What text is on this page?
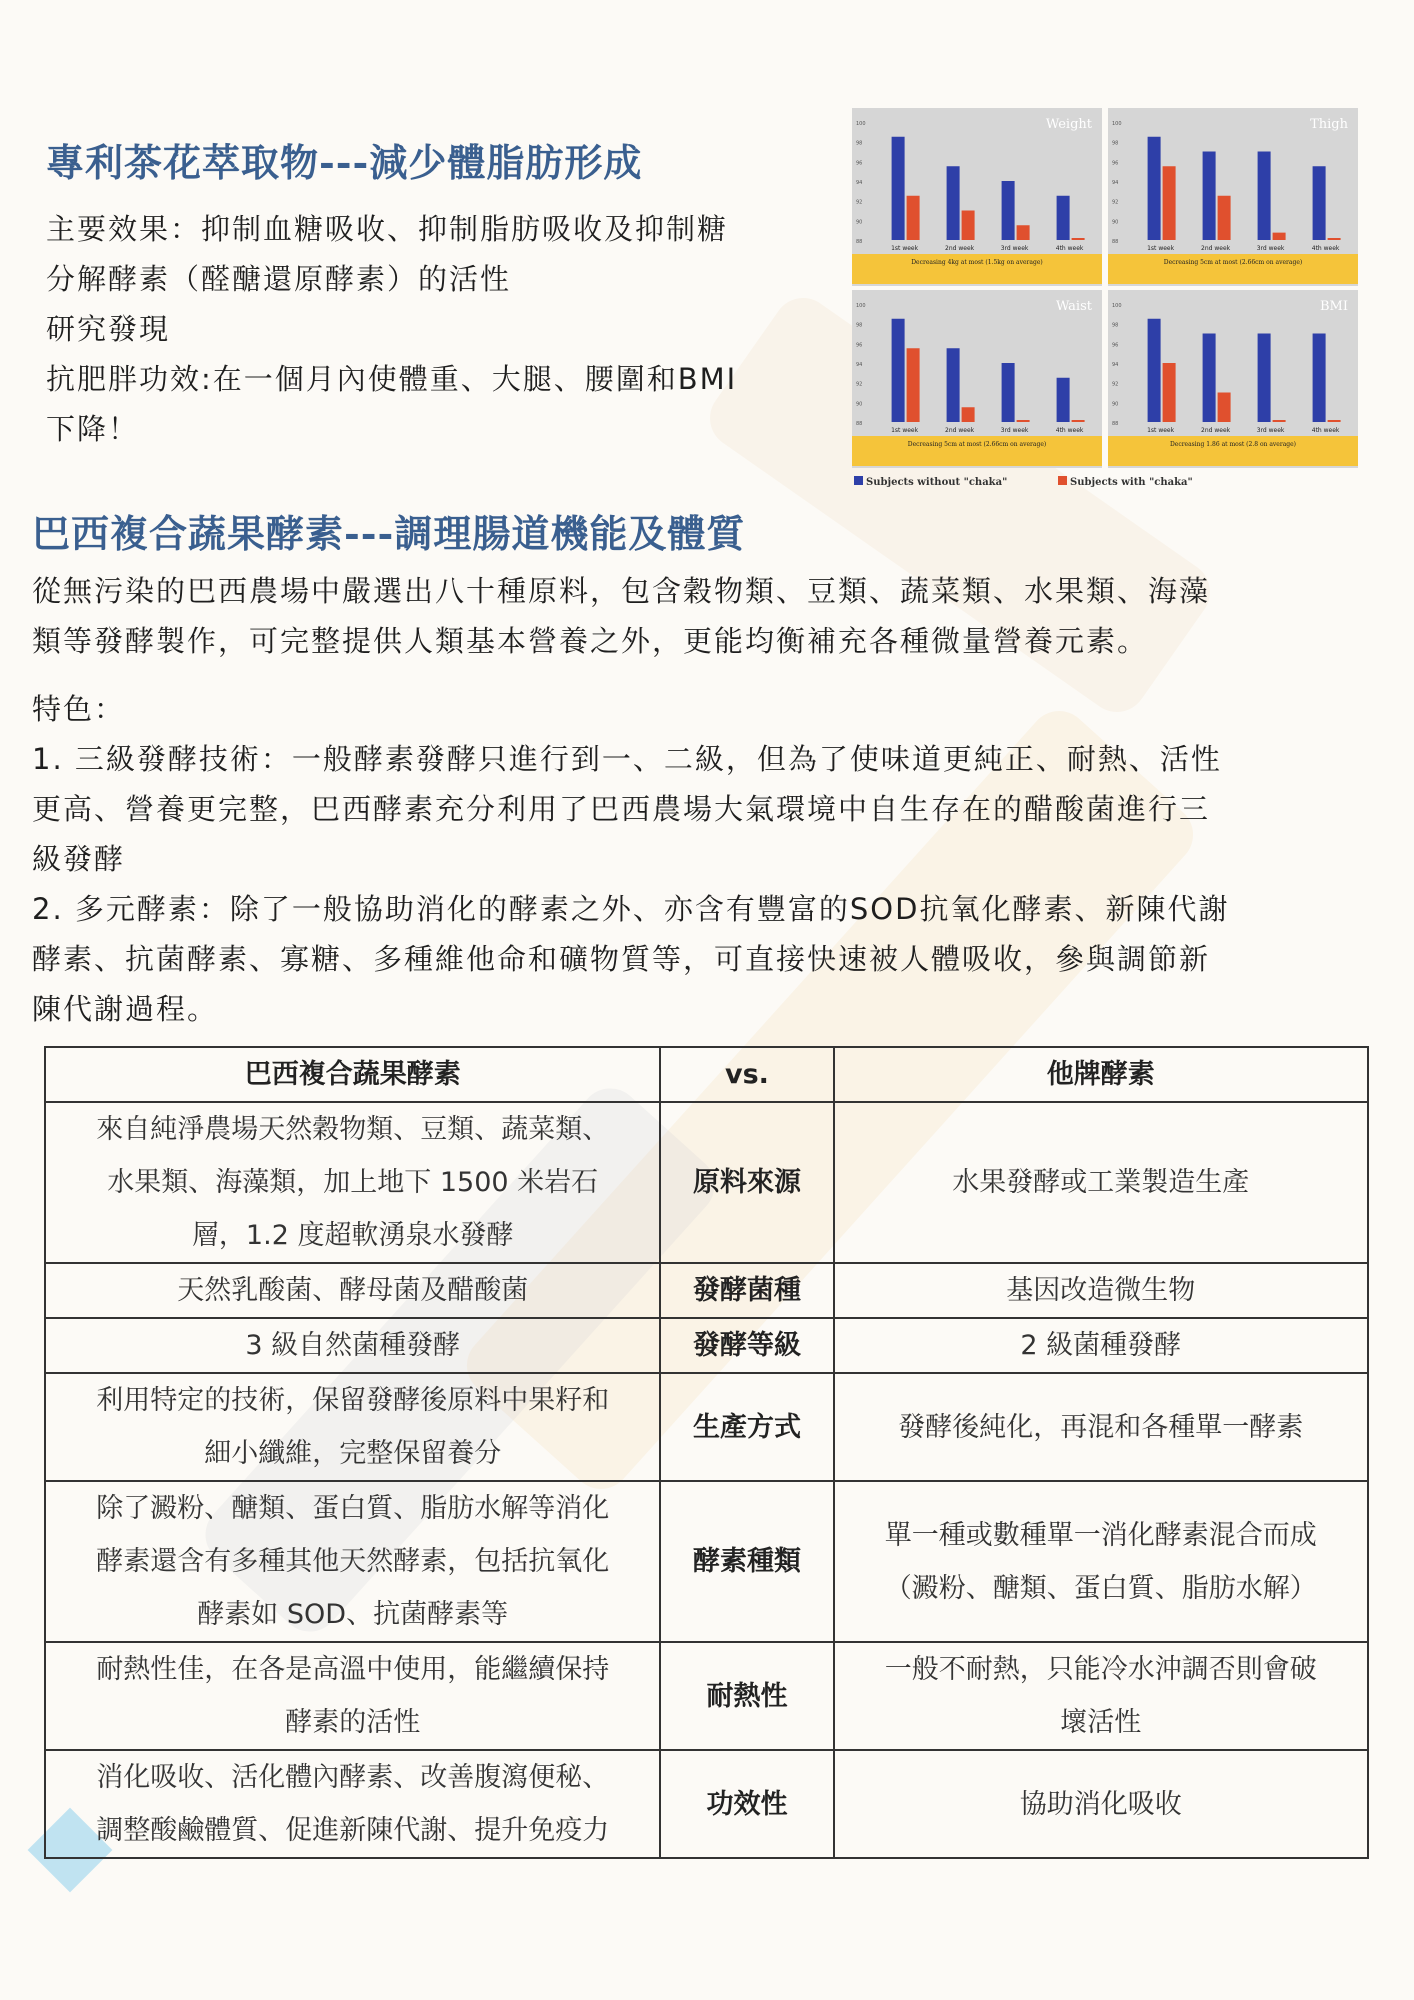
專利茶花萃取物---減少體脂肪形成
主要效果：抑制血糖吸收、抑制脂肪吸收及抑制糖
分解酵素（醛醣還原酵素）的活性
研究發現
抗肥胖功效:在一個月內使體重、大腿、腰圍和BMI
下降！
100
98
96
94
92
90
88
Weight
1st week	2nd week	3rd week	4th week
Decreasing 4kg at most (1.5kg on average)
100
98
96
94
92
90
88
Thigh
1st week	2nd week	3rd week	4th week
Decreasing 5cm at most (2.66cm on average)
100
98
96
94
92
90
88
Waist
1st week	2nd week	3rd week	4th week
Decreasing 5cm at most (2.66cm on average)
100
98
96
94
92
90
88
BMI
1st week	2nd week	3rd week	4th week
Decreasing 1.86 at most (2.8 on average)
Subjects without "chaka"	Subjects with "chaka"
巴西複合蔬果酵素---調理腸道機能及體質
從無污染的巴西農場中嚴選出八十種原料，包含穀物類、豆類、蔬菜類、水果類、海藻
類等發酵製作，可完整提供人類基本營養之外，更能均衡補充各種微量營養元素。
特色：
1. 三級發酵技術：一般酵素發酵只進行到一、二級，但為了使味道更純正、耐熱、活性
更高、營養更完整，巴西酵素充分利用了巴西農場大氣環境中自生存在的醋酸菌進行三
級發酵
2. 多元酵素：除了一般協助消化的酵素之外、亦含有豐富的SOD抗氧化酵素、新陳代謝
酵素、抗菌酵素、寡糖、多種維他命和礦物質等，可直接快速被人體吸收，參與調節新
陳代謝過程。
巴西複合蔬果酵素	vs.	他牌酵素

來自純淨農場天然穀物類、豆類、蔬菜類、
水果類、海藻類，加上地下 1500 米岩石
層，1.2 度超軟湧泉水發酵	原料來源	水果發酵或工業製造生產

天然乳酸菌、酵母菌及醋酸菌	發酵菌種	基因改造微生物

3 級自然菌種發酵	發酵等級	2 級菌種發酵

利用特定的技術，保留發酵後原料中果籽和
細小纖維，完整保留養分	生產方式	發酵後純化，再混和各種單一酵素

除了澱粉、醣類、蛋白質、脂肪水解等消化
酵素還含有多種其他天然酵素，包括抗氧化
酵素如 SOD、抗菌酵素等	酵素種類	單一種或數種單一消化酵素混合而成
（澱粉、醣類、蛋白質、脂肪水解）

耐熱性佳，在各是高溫中使用，能繼續保持
酵素的活性	耐熱性	一般不耐熱，只能冷水沖調否則會破
壞活性

消化吸收、活化體內酵素、改善腹瀉便秘、
調整酸鹼體質、促進新陳代謝、提升免疫力	功效性	協助消化吸收
